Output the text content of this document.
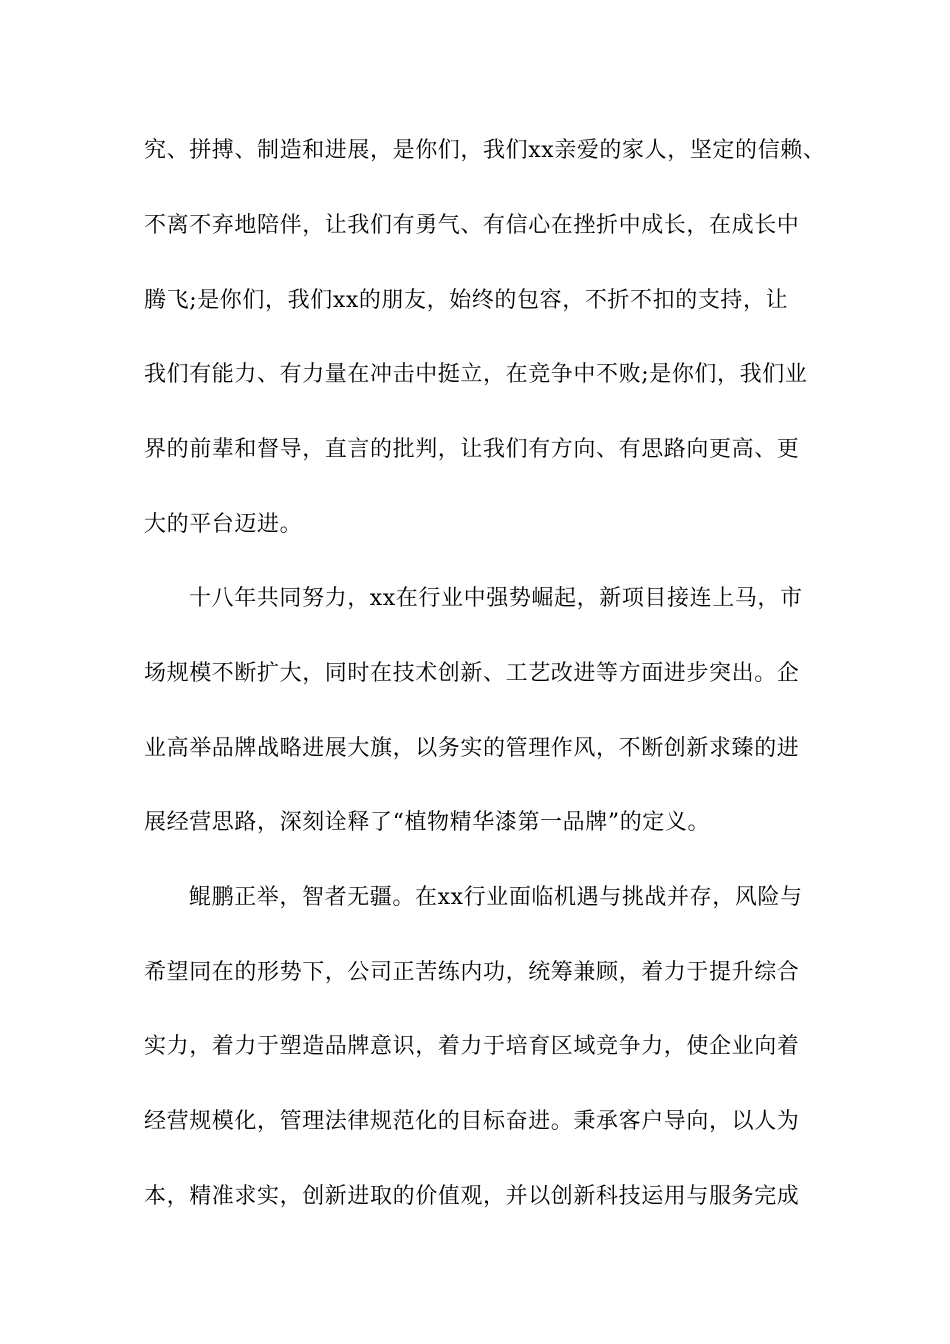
究、拼搏、制造和进展，是你们，我们xx亲爱的家人，坚定的信赖、
不离不弃地陪伴，让我们有勇气、有信心在挫折中成长，在成长中
腾飞;是你们，我们xx的朋友，始终的包容，不折不扣的支持，让
我们有能力、有力量在冲击中挺立，在竞争中不败;是你们，我们业
界的前辈和督导，直言的批判，让我们有方向、有思路向更高、更
大的平台迈进。
十八年共同努力，xx在行业中强势崛起，新项目接连上马，市
场规模不断扩大，同时在技术创新、工艺改进等方面进步突出。企
业高举品牌战略进展大旗，以务实的管理作风，不断创新求臻的进
展经营思路，深刻诠释了“植物精华漆第一品牌”的定义。
鲲鹏正举，智者无疆。在xx行业面临机遇与挑战并存，风险与
希望同在的形势下，公司正苦练内功，统筹兼顾，着力于提升综合
实力，着力于塑造品牌意识，着力于培育区域竞争力，使企业向着
经营规模化，管理法律规范化的目标奋进。秉承客户导向，以人为
本，精准求实，创新进取的价值观，并以创新科技运用与服务完成
